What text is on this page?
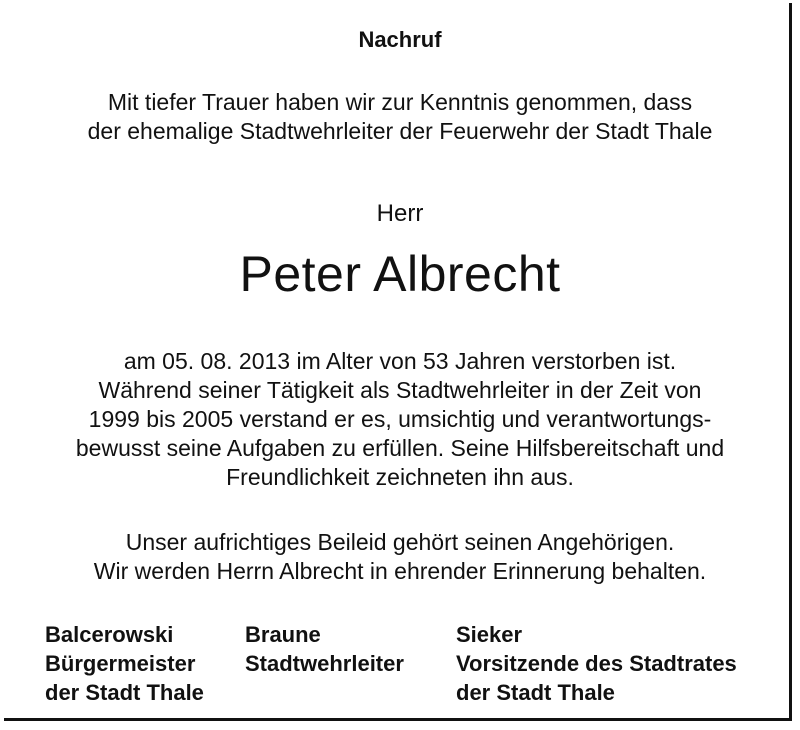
Nachruf
Mit tiefer Trauer haben wir zur Kenntnis genommen, dass
der ehemalige Stadtwehrleiter der Feuerwehr der Stadt Thale
Herr
Peter Albrecht
am 05. 08. 2013 im Alter von 53 Jahren verstorben ist.
Während seiner Tätigkeit als Stadtwehrleiter in der Zeit von
1999 bis 2005 verstand er es, umsichtig und verantwortungs-
bewusst seine Aufgaben zu erfüllen. Seine Hilfsbereitschaft und
Freundlichkeit zeichneten ihn aus.
Unser aufrichtiges Beileid gehört seinen Angehörigen.
Wir werden Herrn Albrecht in ehrender Erinnerung behalten.
Balcerowski
Bürgermeister
der Stadt Thale
Braune
Stadtwehrleiter
Sieker
Vorsitzende des Stadtrates
der Stadt Thale
